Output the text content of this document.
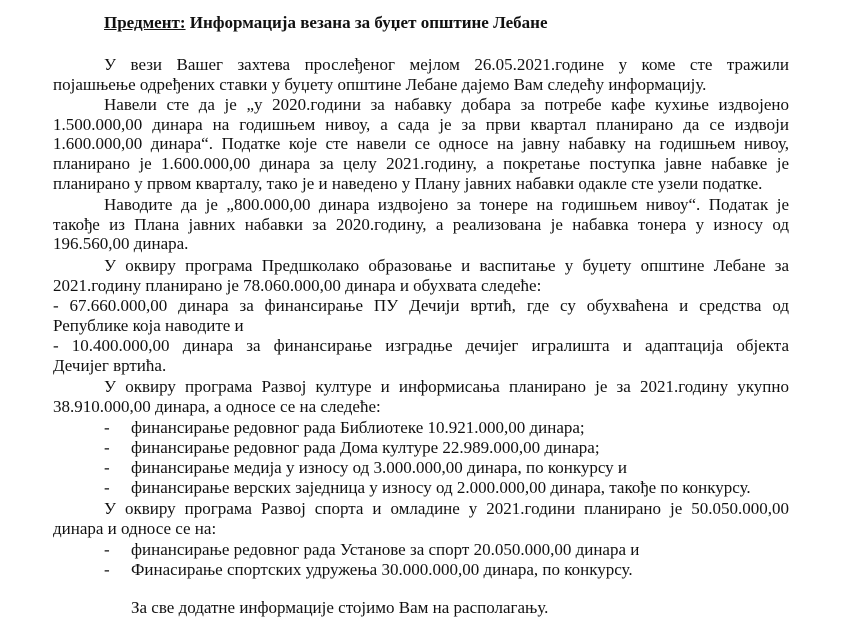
Предмент: Информација везана за буџет општине Лебане
У вези Вашег захтева прослеђеног мејлом 26.05.2021.године у коме сте тражили
појашњење одређених ставки у буџету општине Лебане дајемо Вам следећу информацију.
Навели сте да је „у 2020.години за набавку добара за потребе кафе кухиње издвојено
1.500.000,00 динара на годишњем нивоу, а сада је за први квартал планирано да се издвоји
1.600.000,00 динара“. Податке које сте навели се односе на јавну набавку на годишњем нивоу,
планирано је 1.600.000,00 динара за целу 2021.годину, а покретање поступка јавне набавке је
планирано у првом кварталу, тако је и наведено у Плану јавних набавки одакле сте узели податке.
Наводите да је „800.000,00 динара издвојено за тонере на годишњем нивоу“. Податак је
такође из Плана јавних набавки за 2020.годину, а реализована је набавка тонера у износу од
196.560,00 динара.
У оквиру програма Предшколако образовање и васпитање у буџету општине Лебане за
2021.годину планирано је 78.060.000,00 динара и обухвата следеће:
- 67.660.000,00 динара за финансирање ПУ Дечији вртић, где су обухваћена и средства од
Републике која наводите и
- 10.400.000,00 динара за финансирање изградње дечијег игралишта и адаптација објекта
Дечијег вртића.
У оквиру програма Развој културе и информисања планирано је за 2021.годину укупно
38.910.000,00 динара, а односе се на следеће:
- финансирање редовног рада Библиотеке 10.921.000,00 динара;
- финансирање редовног рада Дома културе 22.989.000,00 динара;
- финансирање медија у износу од 3.000.000,00 динара, по конкурсу и
- финансирање верских заједница у износу од 2.000.000,00 динара, такође по конкурсу.
У оквиру програма Развој спорта и омладине у 2021.години планирано је 50.050.000,00
динара и односе се на:
- финансирање редовног рада Установе за спорт 20.050.000,00 динара и
- Финасирање спортских удружења 30.000.000,00 динара, по конкурсу.
За све додатне информације стојимо Вам на располагању.
